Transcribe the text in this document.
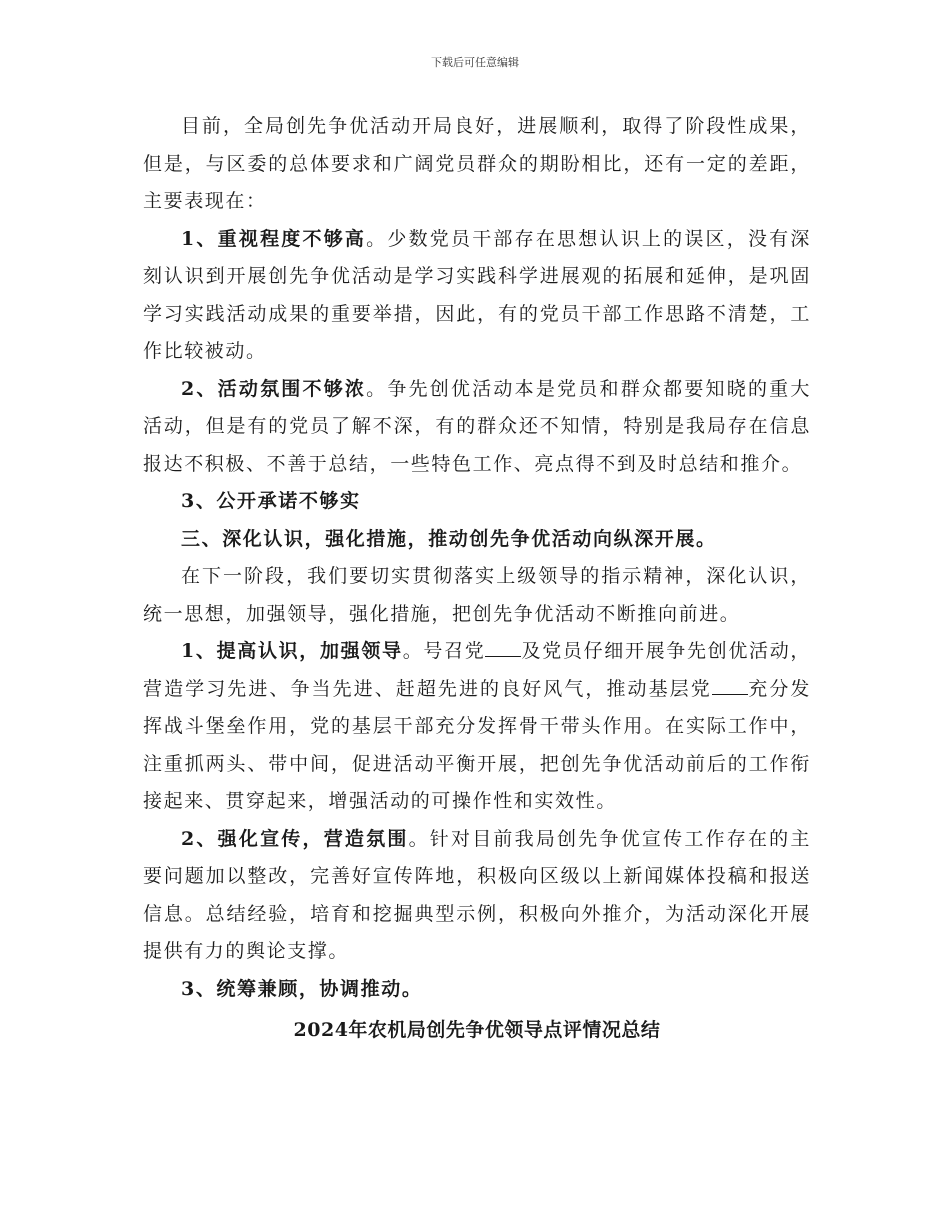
下载后可任意编辑

目前，全局创先争优活动开局良好，进展顺利，取得了阶段性成果，但是，与区委的总体要求和广阔党员群众的期盼相比，还有一定的差距，主要表现在：

1、重视程度不够高。少数党员干部存在思想认识上的误区，没有深刻认识到开展创先争优活动是学习实践科学进展观的拓展和延伸，是巩固学习实践活动成果的重要举措，因此，有的党员干部工作思路不清楚，工作比较被动。

2、活动氛围不够浓。争先创优活动本是党员和群众都要知晓的重大活动，但是有的党员了解不深，有的群众还不知情，特别是我局存在信息报达不积极、不善于总结，一些特色工作、亮点得不到及时总结和推介。

3、公开承诺不够实

三、深化认识，强化措施，推动创先争优活动向纵深开展。

在下一阶段，我们要切实贯彻落实上级领导的指示精神，深化认识，统一思想，加强领导，强化措施，把创先争优活动不断推向前进。

1、提高认识，加强领导。号召党 及党员仔细开展争先创优活动，营造学习先进、争当先进、赶超先进的良好风气，推动基层党 充分发挥战斗堡垒作用，党的基层干部充分发挥骨干带头作用。在实际工作中，注重抓两头、带中间，促进活动平衡开展，把创先争优活动前后的工作衔接起来、贯穿起来，增强活动的可操作性和实效性。

2、强化宣传，营造氛围。针对目前我局创先争优宣传工作存在的主要问题加以整改，完善好宣传阵地，积极向区级以上新闻媒体投稿和报送信息。总结经验，培育和挖掘典型示例，积极向外推介，为活动深化开展提供有力的舆论支撑。

3、统筹兼顾，协调推动。

2024年农机局创先争优领导点评情况总结
